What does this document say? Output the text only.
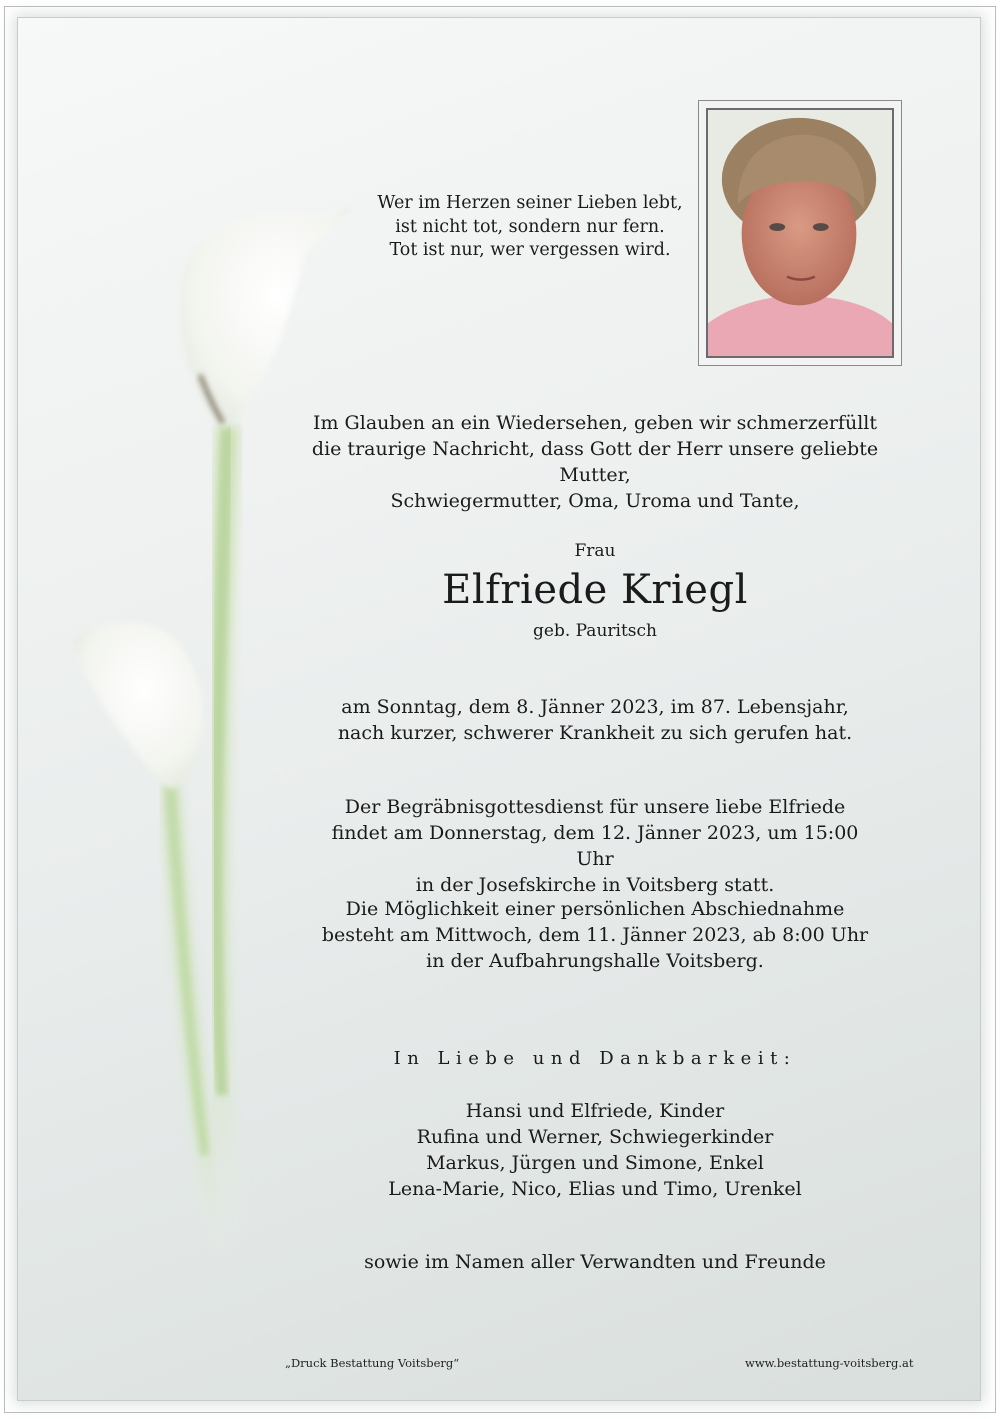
Wer im Herzen seiner Lieben lebt,
ist nicht tot, sondern nur fern.
Tot ist nur, wer vergessen wird.
Im Glauben an ein Wiedersehen, geben wir schmerzerfüllt
die traurige Nachricht, dass Gott der Herr unsere geliebte Mutter,
Schwiegermutter, Oma, Uroma und Tante,
Frau
Elfriede Kriegl
geb. Pauritsch
am Sonntag, dem 8. Jänner 2023, im 87. Lebensjahr,
nach kurzer, schwerer Krankheit zu sich gerufen hat.
Der Begräbnisgottesdienst für unsere liebe Elfriede
findet am Donnerstag, dem 12. Jänner 2023, um 15:00 Uhr
in der Josefskirche in Voitsberg statt.
Die Möglichkeit einer persönlichen Abschiednahme
besteht am Mittwoch, dem 11. Jänner 2023, ab 8:00 Uhr
in der Aufbahrungshalle Voitsberg.
In Liebe und Dankbarkeit:
Hansi und Elfriede, Kinder
Rufina und Werner, Schwiegerkinder
Markus, Jürgen und Simone, Enkel
Lena-Marie, Nico, Elias und Timo, Urenkel
sowie im Namen aller Verwandten und Freunde
„Druck Bestattung Voitsberg“	www.bestattung-voitsberg.at
